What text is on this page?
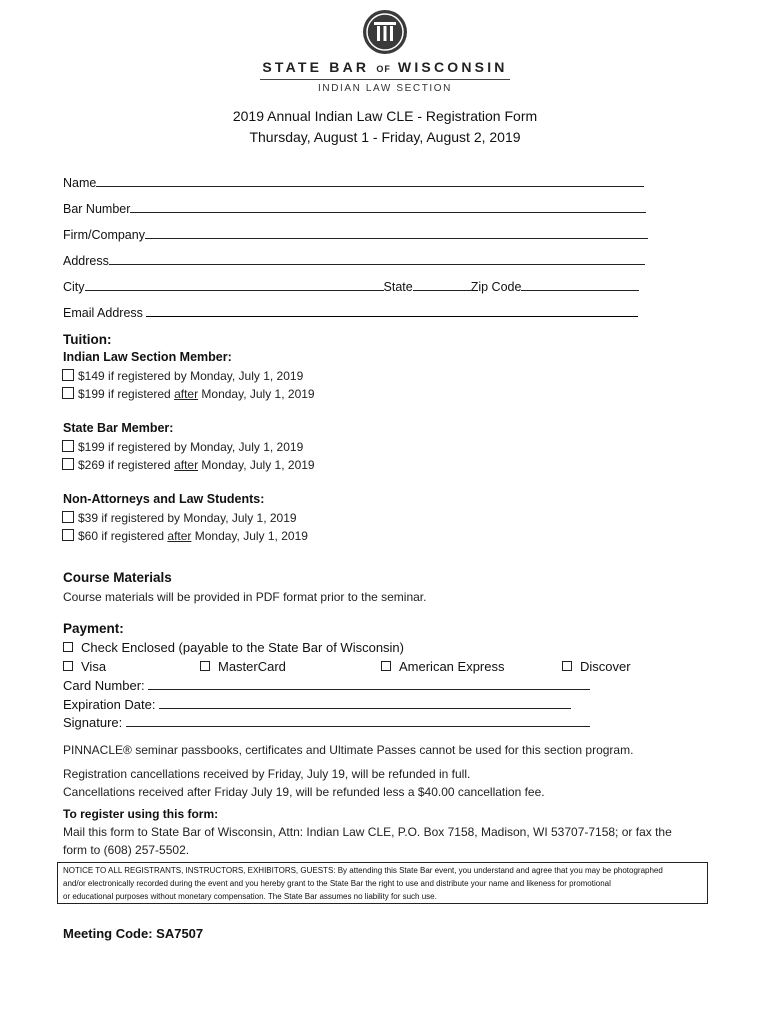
STATE BAR OF WISCONSIN
INDIAN LAW SECTION
2019 Annual Indian Law CLE - Registration Form
Thursday, August 1 - Friday, August 2, 2019
Name
Bar Number
Firm/Company
Address
City	State	Zip Code
Email Address
Tuition:
Indian Law Section Member:
$149 if registered by Monday, July 1, 2019
$199 if registered after Monday, July 1, 2019
State Bar Member:
$199 if registered by Monday, July 1, 2019
$269 if registered after Monday, July 1, 2019
Non-Attorneys and Law Students:
$39 if registered by Monday, July 1, 2019
$60 if registered after Monday, July 1, 2019
Course Materials
Course materials will be provided in PDF format prior to the seminar.
Payment:
Check Enclosed (payable to the State Bar of Wisconsin)
Visa	MasterCard	American Express	Discover
Card Number:
Expiration Date:
Signature:
PINNACLE® seminar passbooks, certificates and Ultimate Passes cannot be used for this section program.
Registration cancellations received by Friday, July 19, will be refunded in full.
Cancellations received after Friday July 19, will be refunded less a $40.00 cancellation fee.
To register using this form:
Mail this form to State Bar of Wisconsin, Attn: Indian Law CLE, P.O. Box 7158, Madison, WI 53707-7158; or fax the
form to (608) 257-5502.
NOTICE TO ALL REGISTRANTS, INSTRUCTORS, EXHIBITORS, GUESTS: By attending this State Bar event, you understand and agree that you may be photographed
and/or electronically recorded during the event and you hereby grant to the State Bar the right to use and distribute your name and likeness for promotional
or educational purposes without monetary compensation. The State Bar assumes no liability for such use.
Meeting Code: SA7507
